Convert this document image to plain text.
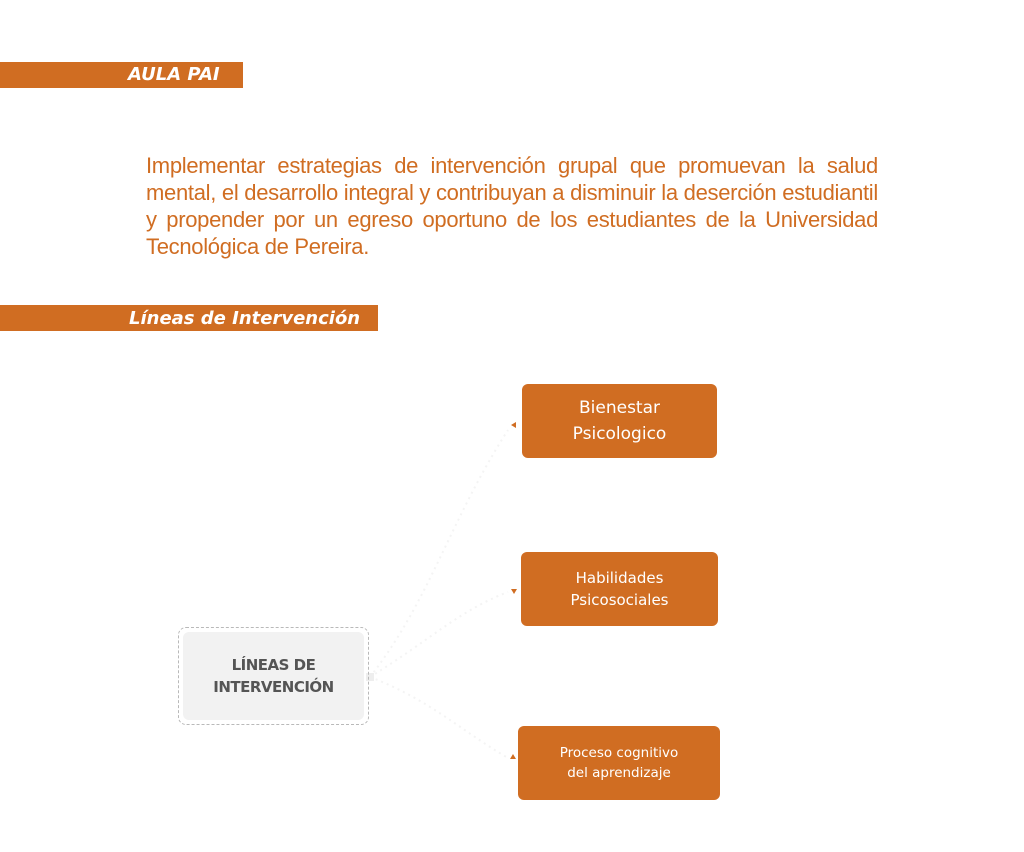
AULA PAI

Implementar estrategias de intervención grupal que promuevan la salud mental, el desarrollo integral y contribuyan a disminuir la deserción estudiantil y propender por un egreso oportuno de los estudiantes de la Universidad Tecnológica de Pereira.

Líneas de Intervención
LÍNEAS DE
INTERVENCIÓN
Bienestar
Psicologico
Habilidades
Psicosociales
Proceso cognitivo
del aprendizaje
